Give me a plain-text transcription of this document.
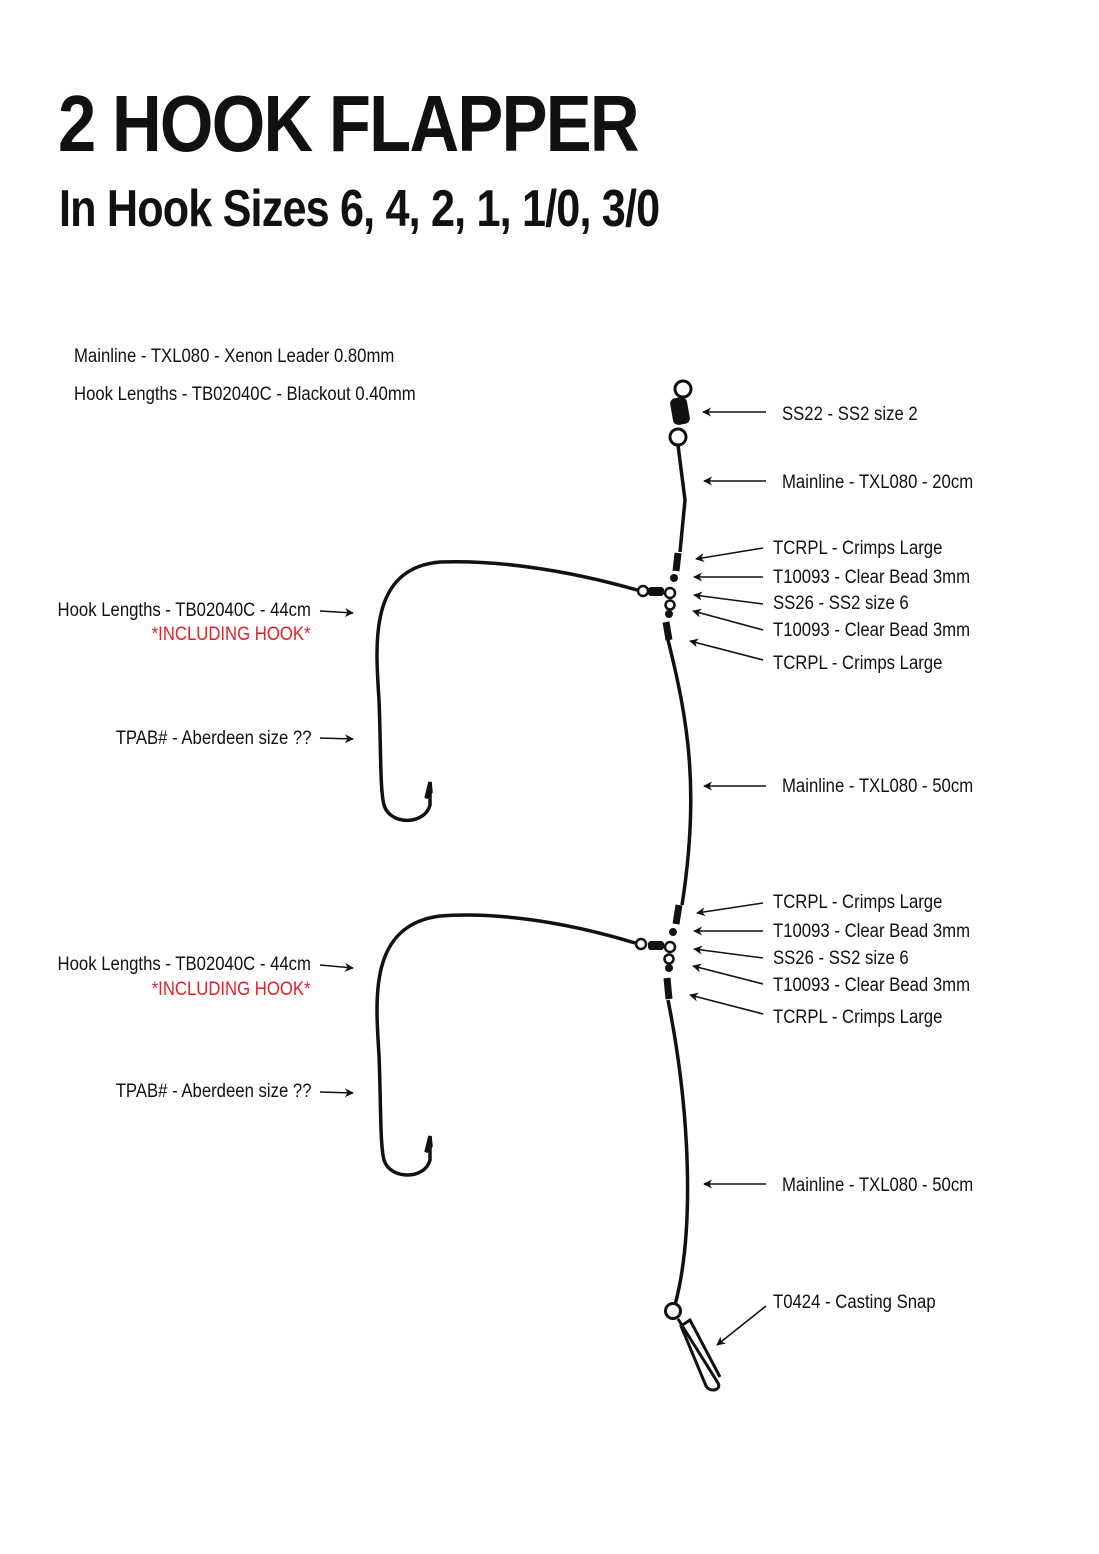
2 HOOK FLAPPER
In Hook Sizes 6, 4, 2, 1, 1/0, 3/0
Mainline - TXL080 - Xenon Leader 0.80mm
Hook Lengths - TB02040C - Blackout 0.40mm
SS22 - SS2 size 2
Mainline - TXL080 - 20cm
TCRPL - Crimps Large
T10093 - Clear Bead 3mm
SS26 - SS2 size 6
T10093 - Clear Bead 3mm
TCRPL - Crimps Large
Hook Lengths - TB02040C - 44cm
*INCLUDING HOOK*
TPAB# - Aberdeen size ??
Mainline - TXL080 - 50cm
TCRPL - Crimps Large
T10093 - Clear Bead 3mm
SS26 - SS2 size 6
T10093 - Clear Bead 3mm
TCRPL - Crimps Large
Hook Lengths - TB02040C - 44cm
*INCLUDING HOOK*
TPAB# - Aberdeen size ??
Mainline - TXL080 - 50cm
T0424 - Casting Snap
